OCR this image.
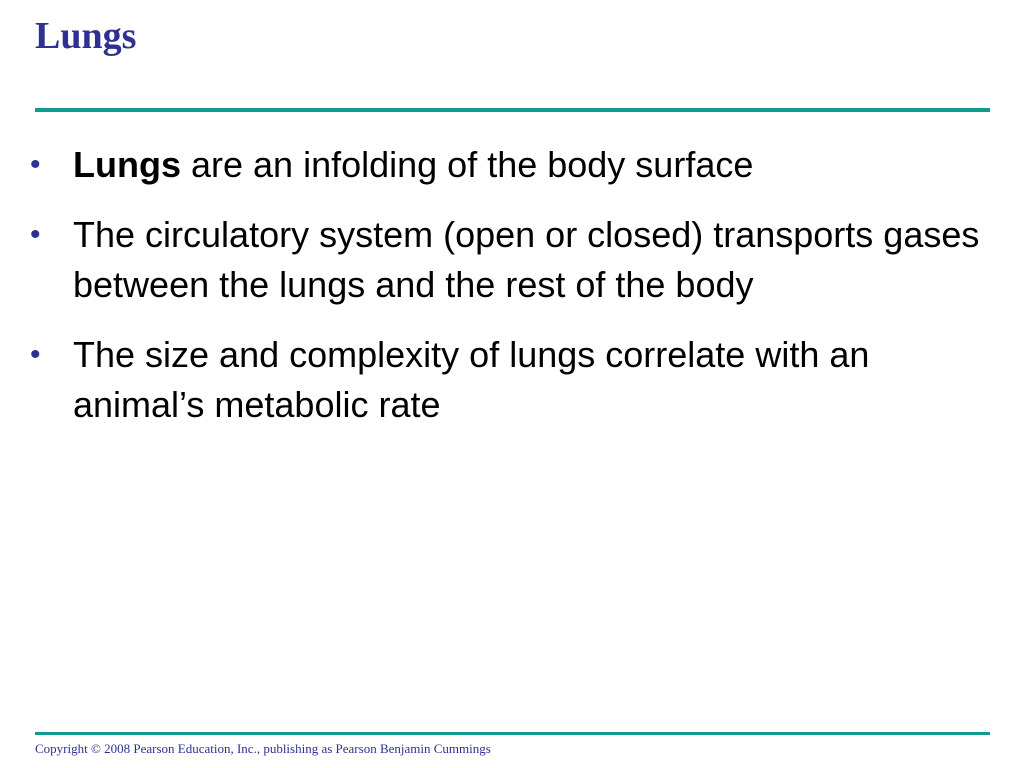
Lungs
• Lungs are an infolding of the body surface
• The circulatory system (open or closed) transports gases between the lungs and the rest of the body
• The size and complexity of lungs correlate with an animal’s metabolic rate
Copyright © 2008 Pearson Education, Inc., publishing as Pearson Benjamin Cummings
